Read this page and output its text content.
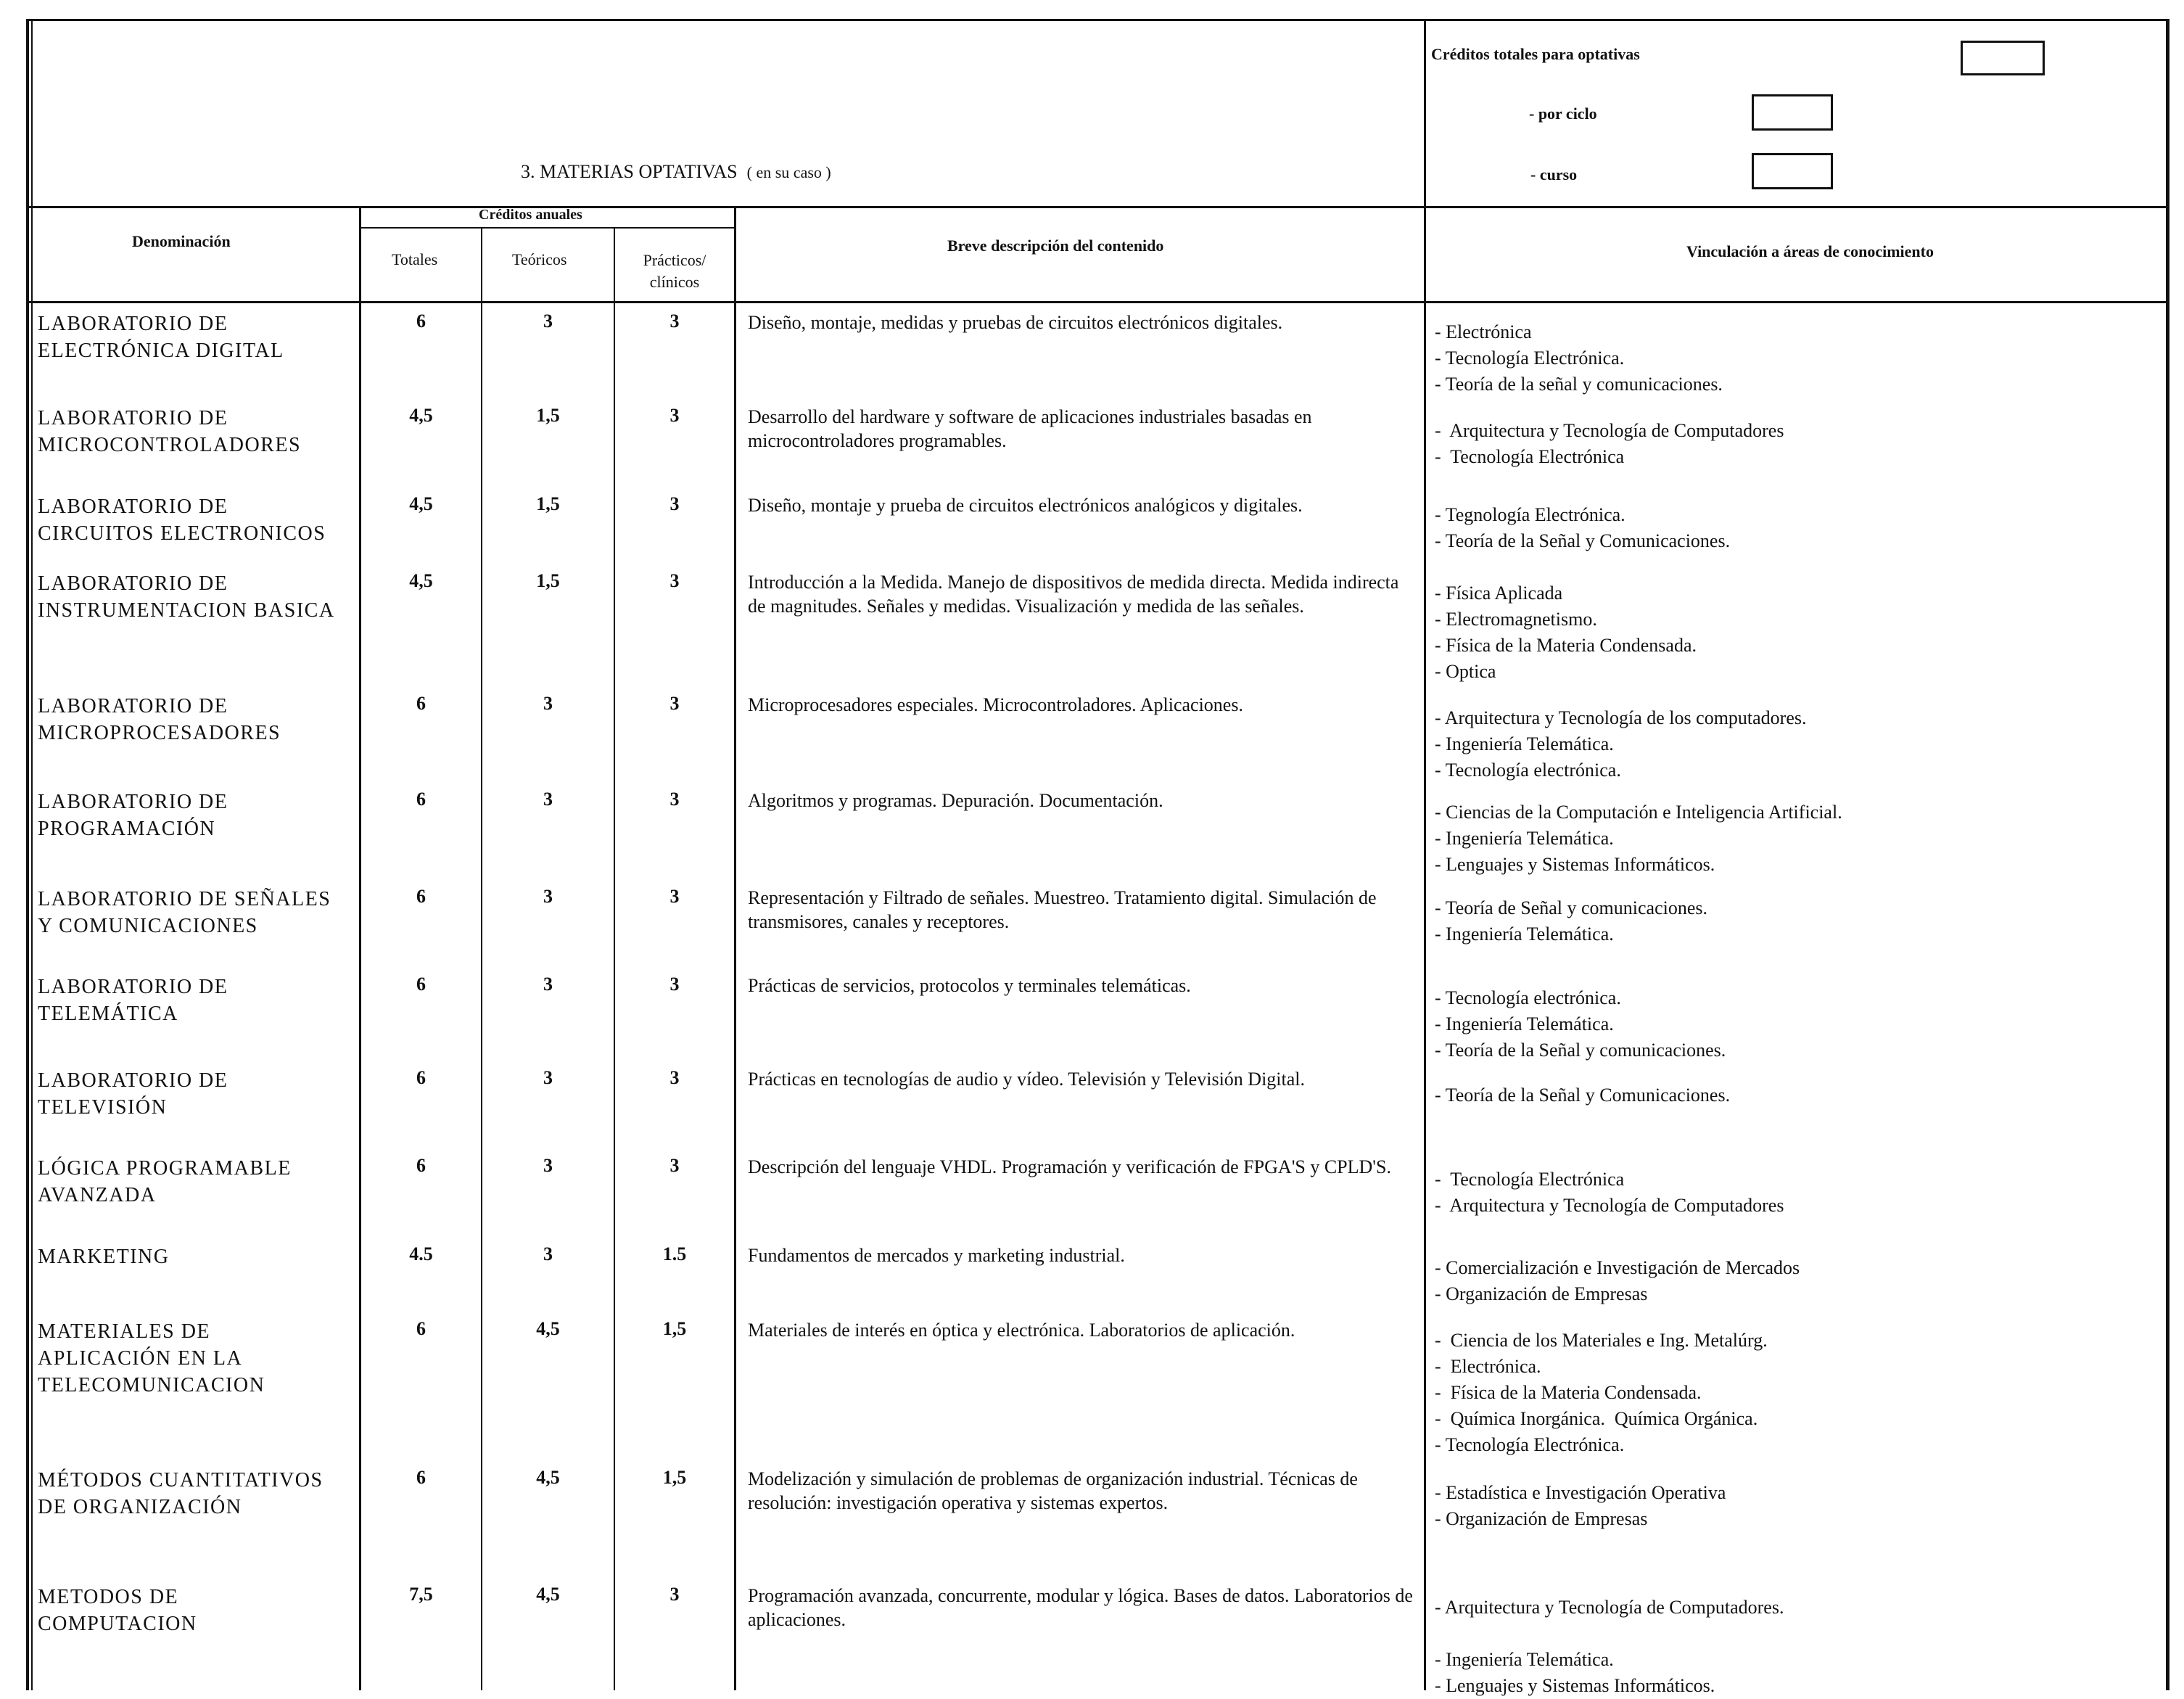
3. MATERIAS OPTATIVAS ( en su caso )
Créditos totales para optativas
- por ciclo
- curso
Denominación
Créditos anuales
Totales	Teóricos	Prácticos/
clínicos
Breve descripción del contenido	Vinculación a áreas de conocimiento
LABORATORIO DE
ELECTRÓNICA DIGITAL
6	3	3	Diseño, montaje, medidas y pruebas de circuitos electrónicos digitales.	- Electrónica
- Tecnología Electrónica.
- Teoría de la señal y comunicaciones.
LABORATORIO DE
MICROCONTROLADORES
4,5	1,5	3	Desarrollo del hardware y software de aplicaciones industriales basadas en microcontroladores programables.	-  Arquitectura y Tecnología de Computadores
-  Tecnología Electrónica
LABORATORIO DE
CIRCUITOS ELECTRONICOS
4,5	1,5	3	Diseño, montaje y prueba de circuitos electrónicos analógicos y digitales.	- Tegnología Electrónica.
- Teoría de la Señal y Comunicaciones.
LABORATORIO DE
INSTRUMENTACION BASICA
4,5	1,5	3	Introducción a la Medida. Manejo de dispositivos de medida directa. Medida indirecta de magnitudes. Señales y medidas. Visualización y medida de las señales.
- Física Aplicada
- Electromagnetismo.
- Física de la Materia Condensada.
- Optica
LABORATORIO DE
MICROPROCESADORES
6	3	3	Microprocesadores especiales. Microcontroladores. Aplicaciones.
- Arquitectura y Tecnología de los computadores.
- Ingeniería Telemática.
- Tecnología electrónica.
LABORATORIO DE
PROGRAMACIÓN
6	3	3	Algoritmos y programas. Depuración. Documentación.
- Ciencias de la Computación e Inteligencia Artificial.
- Ingeniería Telemática.
- Lenguajes y Sistemas Informáticos.
LABORATORIO DE SEÑALES
Y COMUNICACIONES
6	3	3	Representación y Filtrado de señales. Muestreo. Tratamiento digital. Simulación de transmisores, canales y receptores.
- Teoría de Señal y comunicaciones.
- Ingeniería Telemática.
LABORATORIO DE
TELEMÁTICA
6	3	3	Prácticas de servicios, protocolos y terminales telemáticas.
- Tecnología electrónica.
- Ingeniería Telemática.
- Teoría de la Señal y comunicaciones.
LABORATORIO DE
TELEVISIÓN
6	3	3	Prácticas en tecnologías de audio y vídeo. Televisión y Televisión Digital.
- Teoría de la Señal y Comunicaciones.
LÓGICA PROGRAMABLE
AVANZADA
6	3	3	Descripción del lenguaje VHDL. Programación y verificación de FPGA'S y CPLD'S.
-  Tecnología Electrónica
-  Arquitectura y Tecnología de Computadores
MARKETING	4.5	3	1.5	Fundamentos de mercados y marketing industrial.
- Comercialización e Investigación de Mercados
- Organización de Empresas
MATERIALES DE
APLICACIÓN EN LA
TELECOMUNICACION
6	4,5	1,5	Materiales de interés en óptica y electrónica. Laboratorios de aplicación.	-  Ciencia de los Materiales e Ing. Metalúrg.
-  Electrónica.
-  Física de la Materia Condensada.
-  Química Inorgánica.  Química Orgánica.
- Tecnología Electrónica.
MÉTODOS CUANTITATIVOS
DE ORGANIZACIÓN
6	4,5	1,5	Modelización y simulación de problemas de organización industrial. Técnicas de resolución: investigación operativa y sistemas expertos.	- Estadística e Investigación Operativa
- Organización de Empresas
METODOS DE
COMPUTACION
7,5	4,5	3	Programación avanzada, concurrente, modular y lógica. Bases de datos. Laboratorios de aplicaciones.
- Arquitectura y Tecnología de Computadores.

- Ingeniería Telemática.
- Lenguajes y Sistemas Informáticos.
